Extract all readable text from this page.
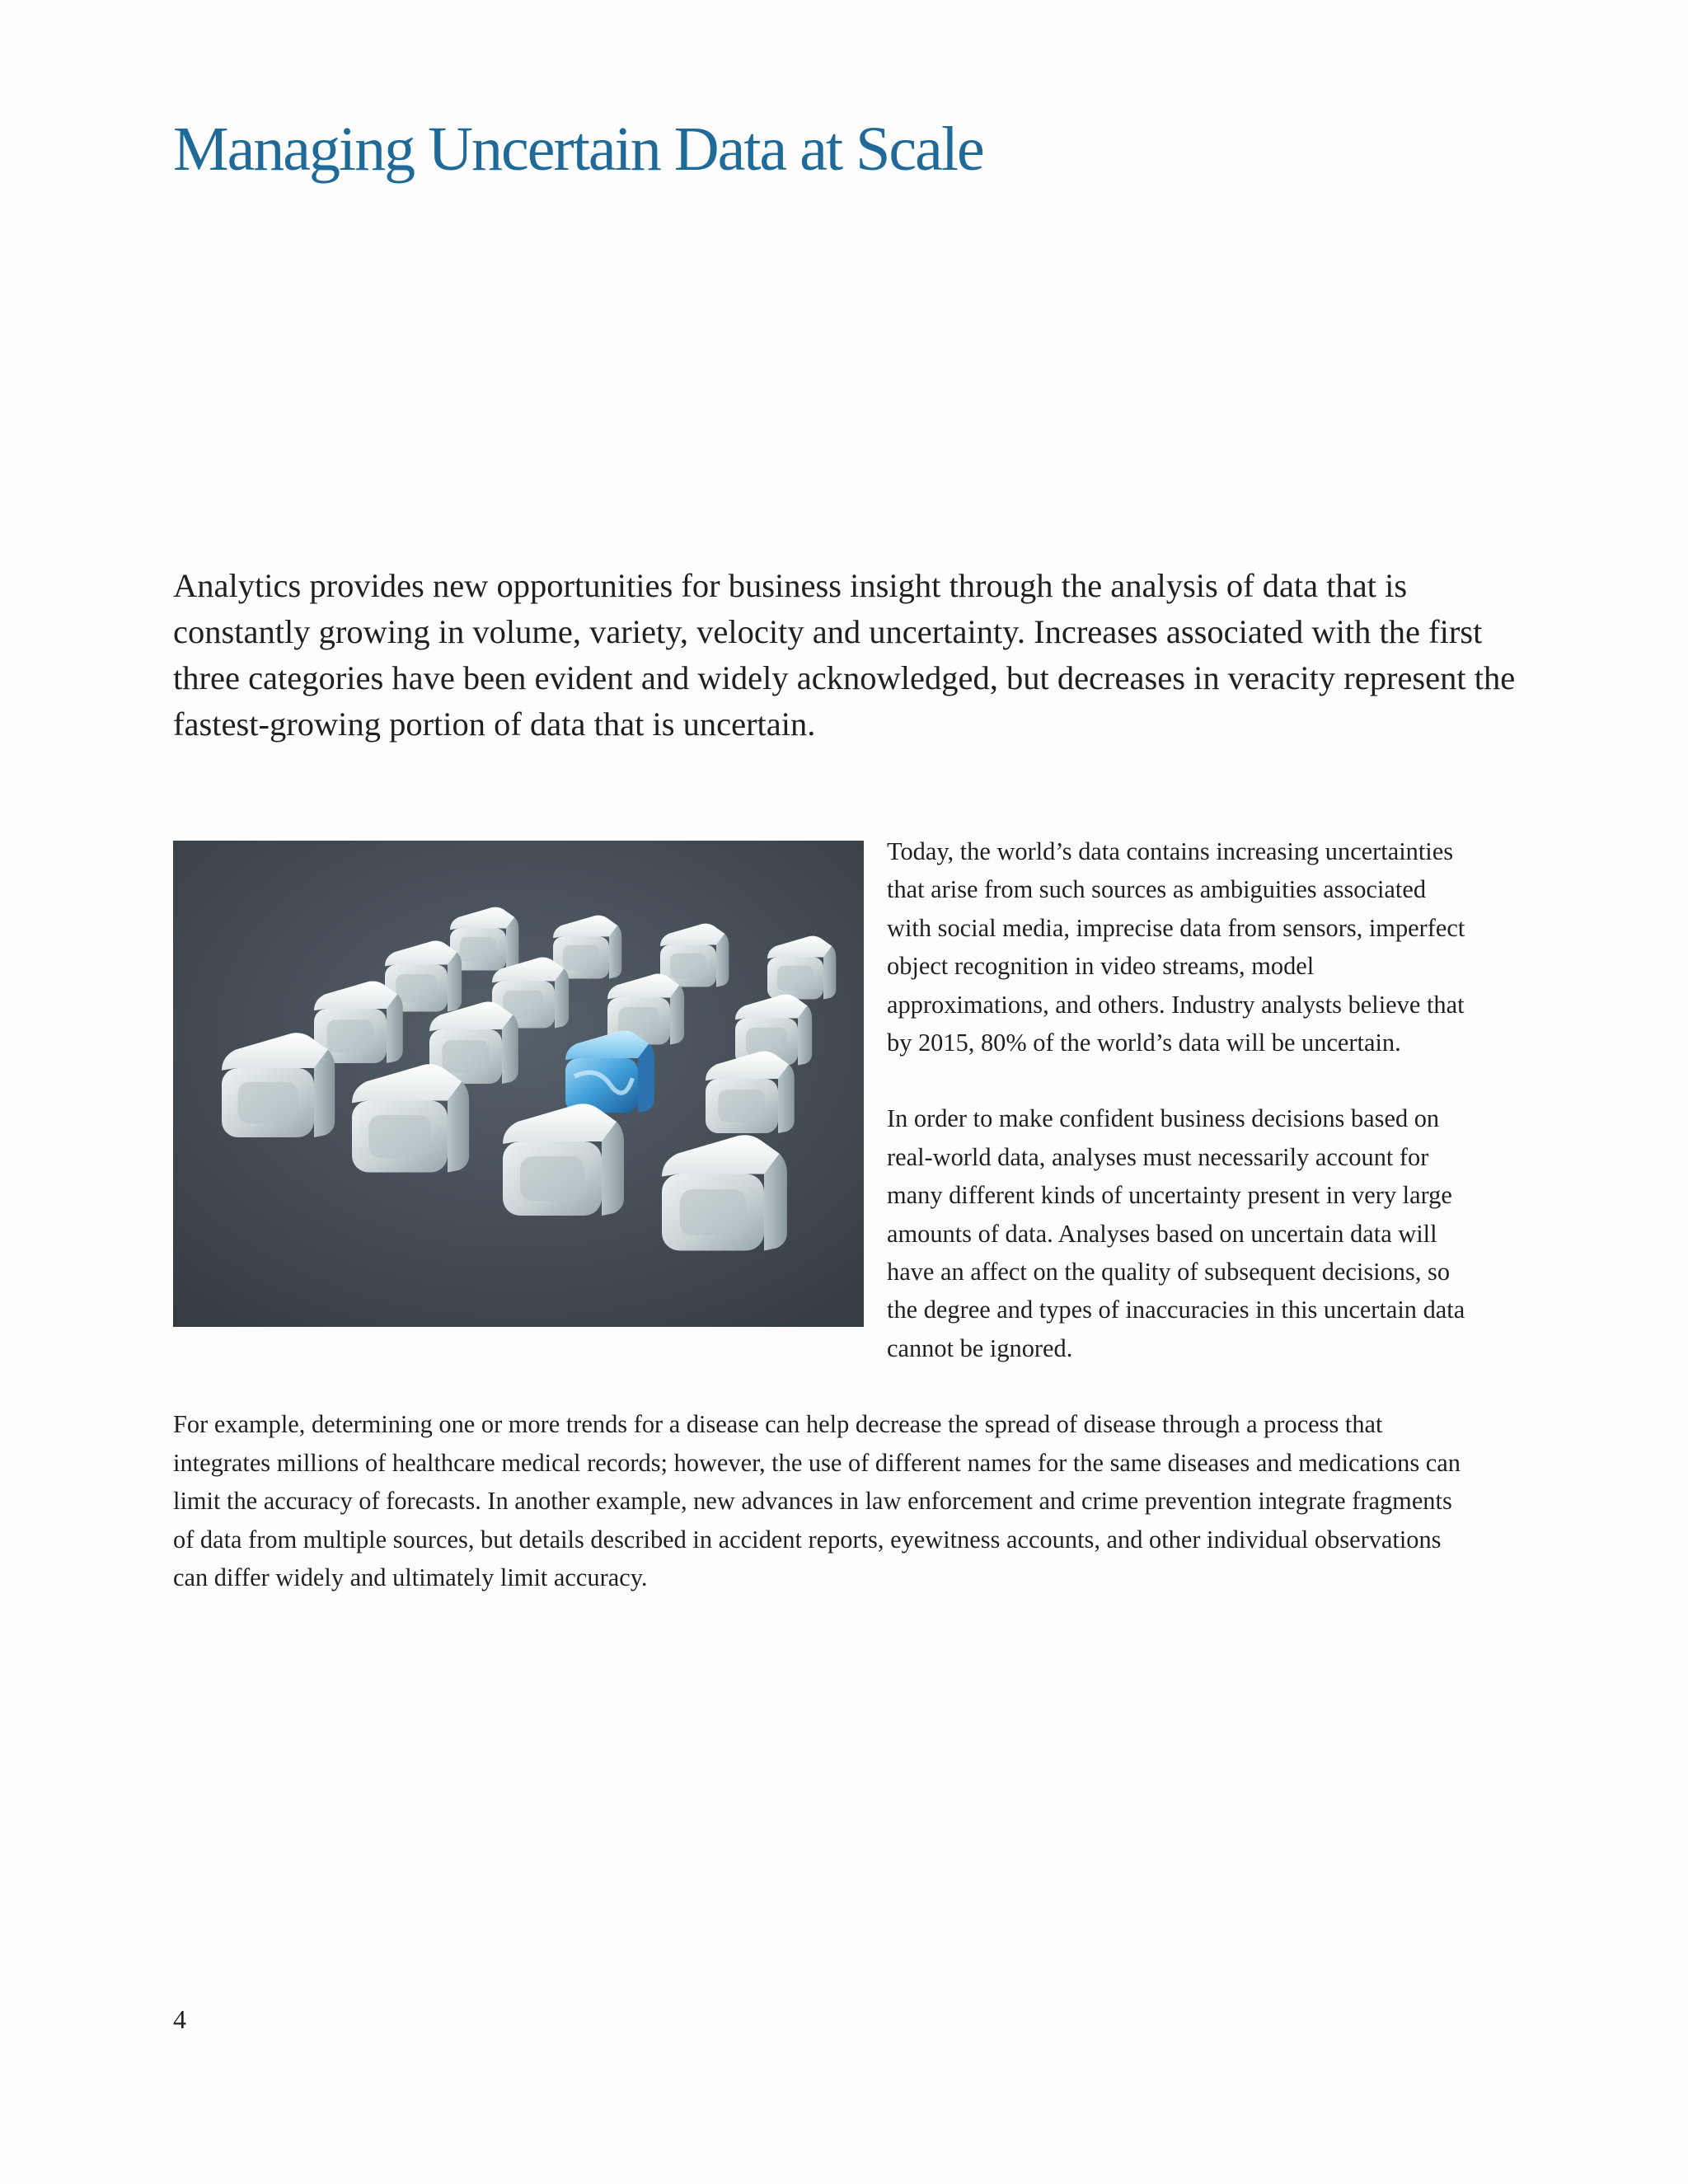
Managing Uncertain Data at Scale

Analytics provides new opportunities for business insight through the analysis of data that is constantly growing in volume, variety, velocity and uncertainty. Increases associated with the first three categories have been evident and widely acknowledged, but decreases in veracity represent the fastest-growing portion of data that is uncertain.

Today, the world’s data contains increasing uncertainties that arise from such sources as ambiguities associated with social media, imprecise data from sensors, imperfect object recognition in video streams, model approximations, and others. Industry analysts believe that by 2015, 80% of the world’s data will be uncertain.

In order to make confident business decisions based on real-world data, analyses must necessarily account for many different kinds of uncertainty present in very large amounts of data. Analyses based on uncertain data will have an affect on the quality of subsequent decisions, so the degree and types of inaccuracies in this uncertain data cannot be ignored.

For example, determining one or more trends for a disease can help decrease the spread of disease through a process that integrates millions of healthcare medical records; however, the use of different names for the same diseases and medications can limit the accuracy of forecasts. In another example, new advances in law enforcement and crime prevention integrate fragments of data from multiple sources, but details described in accident reports, eyewitness accounts, and other individual observations can differ widely and ultimately limit accuracy.

4
